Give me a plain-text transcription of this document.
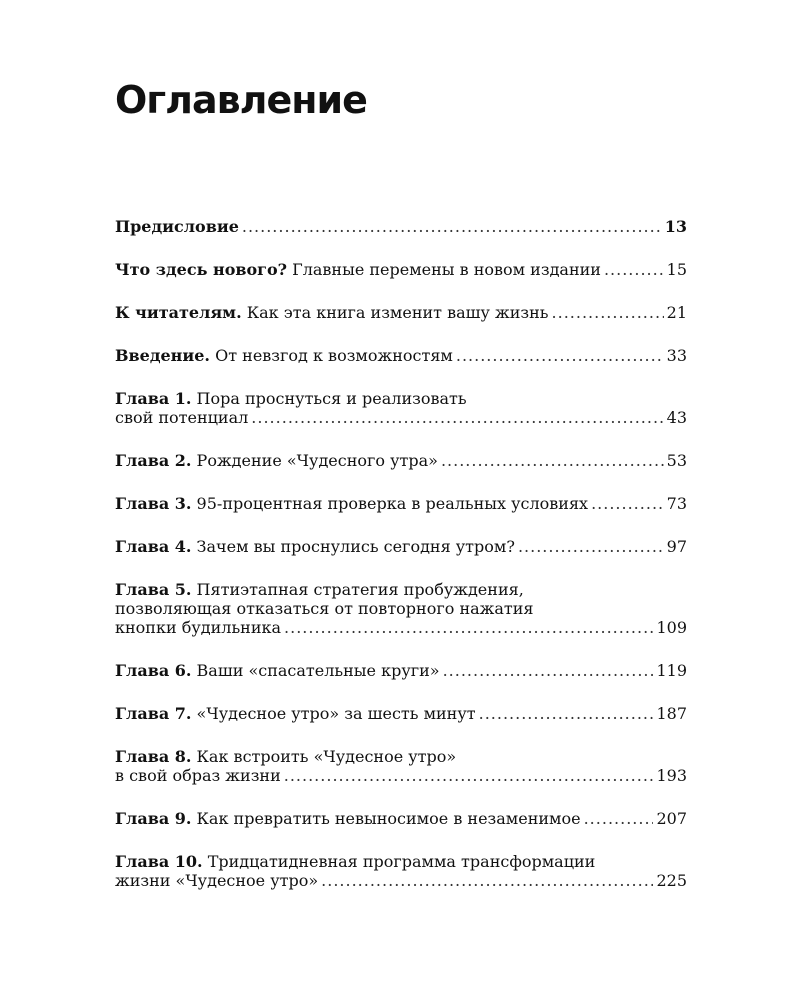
Оглавление
Предисловие .....	13
Что здесь нового? Главные перемены в новом издании .....	15
К читателям. Как эта книга изменит вашу жизнь .....	21
Введение. От невзгод к возможностям .....	33
Глава 1. Пора проснуться и реализовать
свой потенциал .....	43
Глава 2. Рождение «Чудесного утра» .....	53
Глава 3. 95-процентная проверка в реальных условиях .....	73
Глава 4. Зачем вы проснулись сегодня утром? .....	97
Глава 5. Пятиэтапная стратегия пробуждения,
позволяющая отказаться от повторного нажатия
кнопки будильника .....	109
Глава 6. Ваши «спасательные круги» .....	119
Глава 7. «Чудесное утро» за шесть минут .....	187
Глава 8. Как встроить «Чудесное утро»
в свой образ жизни .....	193
Глава 9. Как превратить невыносимое в незаменимое .....	207
Глава 10. Тридцатидневная программа трансформации
жизни «Чудесное утро» .....	225
